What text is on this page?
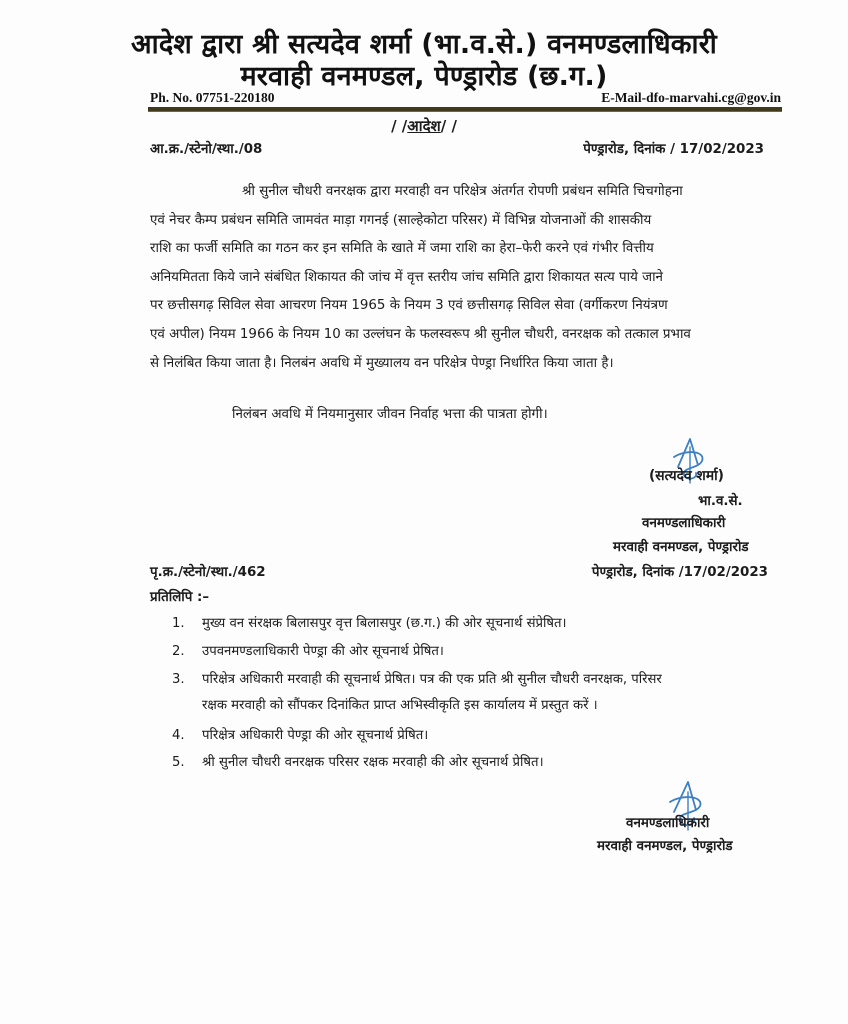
आदेश द्वारा श्री सत्यदेव शर्मा (भा.व.से.) वनमण्डलाधिकारी
मरवाही वनमण्डल, पेण्ड्रारोड (छ.ग.)
Ph. No. 07751-220180	E-Mail-dfo-marvahi.cg@gov.in
/ /आदेश/ /
आ.क्र./स्टेनो/स्था./08	पेण्ड्रारोड, दिनांक / 17/02/2023
श्री सुनील चौधरी वनरक्षक द्वारा मरवाही वन परिक्षेत्र अंतर्गत रोपणी प्रबंधन समिति चिचगोहना
एवं नेचर कैम्प प्रबंधन समिति जामवंत माड़ा गगनई (साल्हेकोटा परिसर) में विभिन्न योजनाओं की शासकीय
राशि का फर्जी समिति का गठन कर इन समिति के खाते में जमा राशि का हेरा–फेरी करने एवं गंभीर वित्तीय
अनियमितता किये जाने संबंधित शिकायत की जांच में वृत्त स्तरीय जांच समिति द्वारा शिकायत सत्य पाये जाने
पर छत्तीसगढ़ सिविल सेवा आचरण नियम 1965 के नियम 3 एवं छत्तीसगढ़ सिविल सेवा (वर्गीकरण नियंत्रण
एवं अपील) नियम 1966 के नियम 10 का उल्लंघन के फलस्वरूप श्री सुनील चौधरी, वनरक्षक को तत्काल प्रभाव
से निलंबित किया जाता है। निलबंन अवधि में मुख्यालय वन परिक्षेत्र पेण्ड्रा निर्धारित किया जाता है।
निलंबन अवधि में नियमानुसार जीवन निर्वाह भत्ता की पात्रता होगी।
(सत्यदेव शर्मा)
भा.व.से.
वनमण्डलाधिकारी
मरवाही वनमण्डल, पेण्ड्रारोड
पृ.क्र./स्टेनो/स्था./462	पेण्ड्रारोड, दिनांक /17/02/2023
प्रतिलिपि :–
1. मुख्य वन संरक्षक बिलासपुर वृत्त बिलासपुर (छ.ग.) की ओर सूचनार्थ संप्रेषित।
2. उपवनमण्डलाधिकारी पेण्ड्रा की ओर सूचनार्थ प्रेषित।
3. परिक्षेत्र अधिकारी मरवाही की सूचनार्थ प्रेषित। पत्र की एक प्रति श्री सुनील चौधरी वनरक्षक, परिसर
रक्षक मरवाही को सौंपकर दिनांकित प्राप्त अभिस्वीकृति इस कार्यालय में प्रस्तुत करें ।
4. परिक्षेत्र अधिकारी पेण्ड्रा की ओर सूचनार्थ प्रेषित।
5. श्री सुनील चौधरी वनरक्षक परिसर रक्षक मरवाही की ओर सूचनार्थ प्रेषित।
वनमण्डलाधिकारी
मरवाही वनमण्डल, पेण्ड्रारोड
